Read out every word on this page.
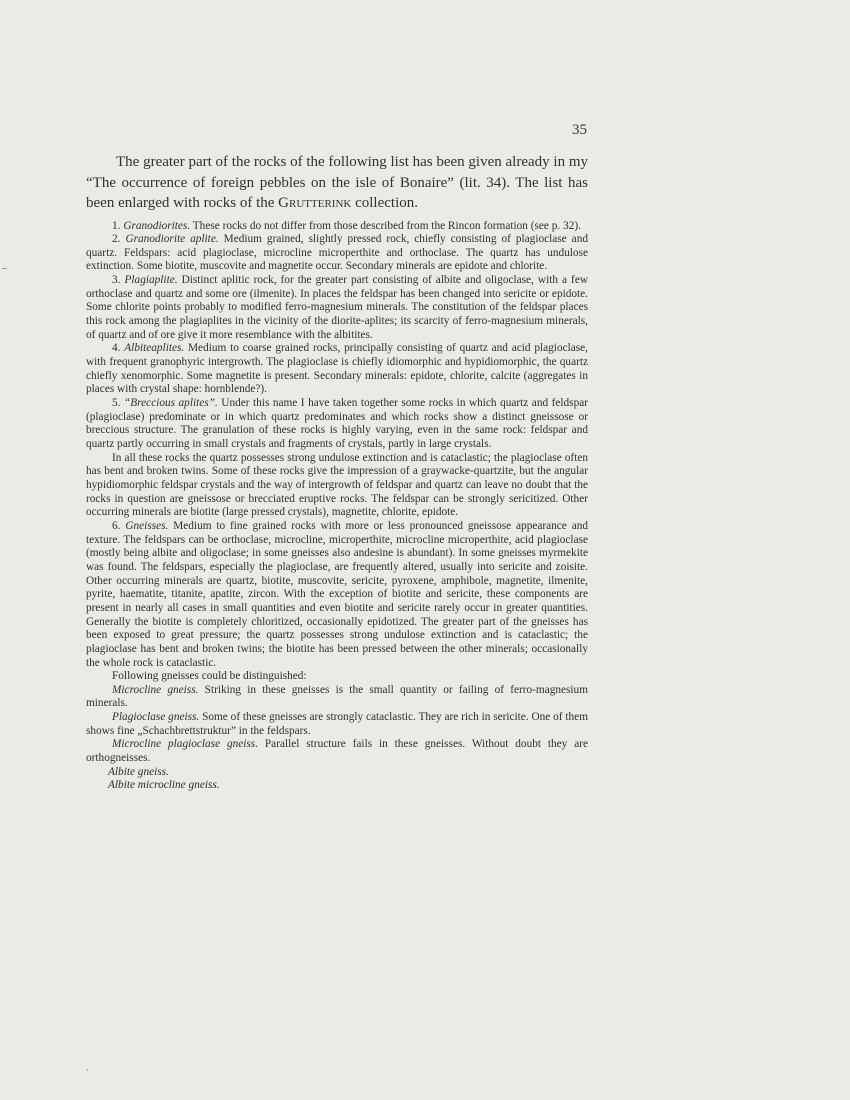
35

The greater part of the rocks of the following list has been given already in my “The occurrence of foreign pebbles on the isle of Bonaire” (lit. 34). The list has been enlarged with rocks of the Grutterink collection.

1. Granodiorites. These rocks do not differ from those described from the Rincon formation (see p. 32).

2. Granodiorite aplite. Medium grained, slightly pressed rock, chiefly consisting of plagioclase and quartz. Feldspars: acid plagioclase, microcline microperthite and orthoclase. The quartz has undulose extinction. Some biotite, muscovite and magnetite occur. Secondary minerals are epidote and chlorite.

3. Plagiaplite. Distinct aplitic rock, for the greater part consisting of albite and oligoclase, with a few orthoclase and quartz and some ore (ilmenite). In places the feldspar has been changed into sericite or epidote. Some chlorite points probably to modified ferro-magnesium minerals. The constitution of the feldspar places this rock among the plagiaplites in the vicinity of the diorite-aplites; its scarcity of ferro-magnesium minerals, of quartz and of ore give it more resemblance with the albitites.

4. Albiteaplites. Medium to coarse grained rocks, principally consisting of quartz and acid plagioclase, with frequent granophyric intergrowth. The plagioclase is chiefly idiomorphic and hypidiomorphic, the quartz chiefly xenomorphic. Some magnetite is present. Secondary minerals: epidote, chlorite, calcite (aggregates in places with crystal shape: hornblende?).

5. “Breccious aplites”. Under this name I have taken together some rocks in which quartz and feldspar (plagioclase) predominate or in which quartz predominates and which rocks show a distinct gneissose or breccious structure. The granulation of these rocks is highly varying, even in the same rock: feldspar and quartz partly occurring in small crystals and fragments of crystals, partly in large crystals.

In all these rocks the quartz possesses strong undulose extinction and is cataclastic; the plagioclase often has bent and broken twins. Some of these rocks give the impression of a graywacke-quartzite, but the angular hypidiomorphic feldspar crystals and the way of intergrowth of feldspar and quartz can leave no doubt that the rocks in question are gneissose or brecciated eruptive rocks. The feldspar can be strongly sericitized. Other occurring minerals are biotite (large pressed crystals), magnetite, chlorite, epidote.

6. Gneisses. Medium to fine grained rocks with more or less pronounced gneissose appearance and texture. The feldspars can be orthoclase, microcline, microperthite, microcline microperthite, acid plagioclase (mostly being albite and oligoclase; in some gneisses also andesine is abundant). In some gneisses myrmekite was found. The feldspars, especially the plagioclase, are frequently altered, usually into sericite and zoisite. Other occurring minerals are quartz, biotite, muscovite, sericite, pyroxene, amphibole, magnetite, ilmenite, pyrite, haematite, titanite, apatite, zircon. With the exception of biotite and sericite, these components are present in nearly all cases in small quantities and even biotite and sericite rarely occur in greater quantities. Generally the biotite is completely chloritized, occasionally epidotized. The greater part of the gneisses has been exposed to great pressure; the quartz possesses strong undulose extinction and is cataclastic; the plagioclase has bent and broken twins; the biotite has been pressed between the other minerals; occasionally the whole rock is cataclastic.

Following gneisses could be distinguished:

Microcline gneiss. Striking in these gneisses is the small quantity or failing of ferro-magnesium minerals.

Plagioclase gneiss. Some of these gneisses are strongly cataclastic. They are rich in sericite. One of them shows fine „Schachbrettstruktur” in the feldspars.

Microcline plagioclase gneiss. Parallel structure fails in these gneisses. Without doubt they are orthogneisses.

Albite gneiss.

Albite microcline gneiss.

•
